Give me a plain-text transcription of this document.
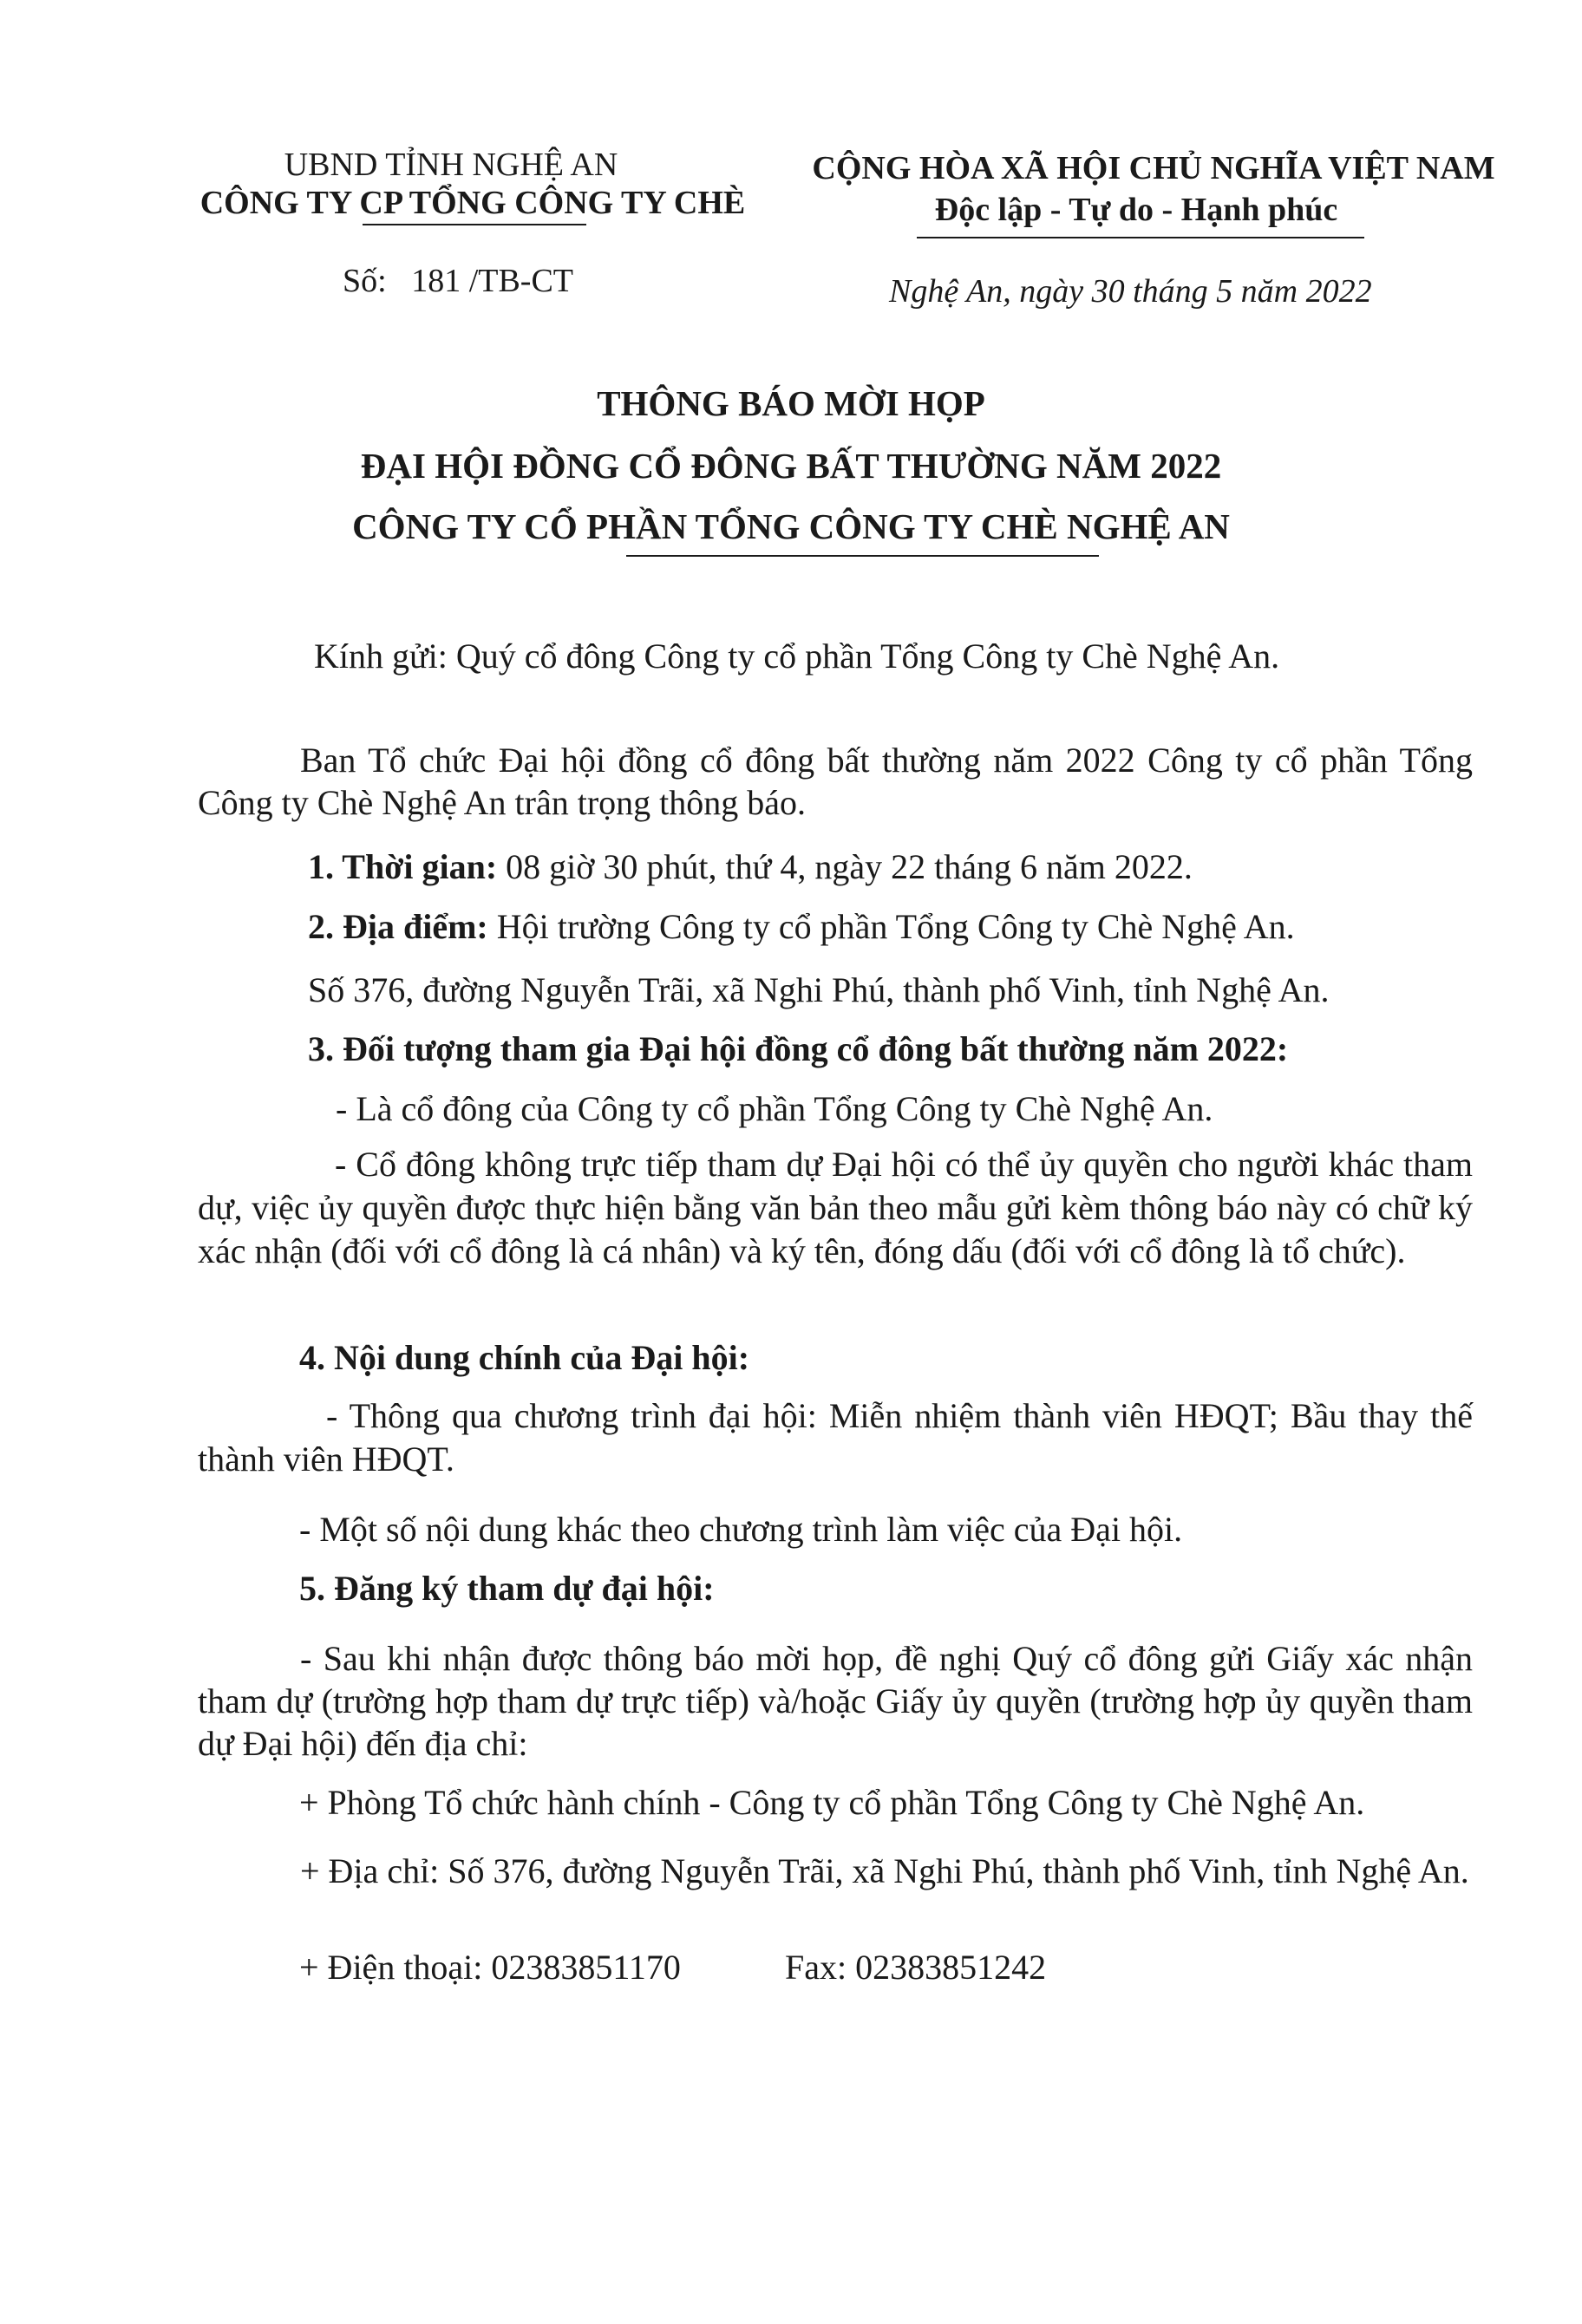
UBND TỈNH NGHỆ AN
CÔNG TY CP TỔNG CÔNG TY CHÈ
CỘNG HÒA XÃ HỘI CHỦ NGHĨA VIỆT NAM
Độc lập - Tự do - Hạnh phúc
Số:   181 /TB-CT	Nghệ An, ngày 30 tháng 5 năm 2022
THÔNG BÁO MỜI HỌP
ĐẠI HỘI ĐỒNG CỔ ĐÔNG BẤT THƯỜNG NĂM 2022
CÔNG TY CỔ PHẦN TỔNG CÔNG TY CHÈ NGHỆ AN
Kính gửi: Quý cổ đông Công ty cổ phần Tổng Công ty Chè Nghệ An.
Ban Tổ chức Đại hội đồng cổ đông bất thường năm 2022 Công ty cổ phần Tổng Công ty Chè Nghệ An trân trọng thông báo.
1. Thời gian: 08 giờ 30 phút, thứ 4, ngày 22 tháng 6 năm 2022.
2. Địa điểm: Hội trường Công ty cổ phần Tổng Công ty Chè Nghệ An.
Số 376, đường Nguyễn Trãi, xã Nghi Phú, thành phố Vinh, tỉnh Nghệ An.
3. Đối tượng tham gia Đại hội đồng cổ đông bất thường năm 2022:
- Là cổ đông của Công ty cổ phần Tổng Công ty Chè Nghệ An.
- Cổ đông không trực tiếp tham dự Đại hội có thể ủy quyền cho người khác tham dự, việc ủy quyền được thực hiện bằng văn bản theo mẫu gửi kèm thông báo này có chữ ký xác nhận (đối với cổ đông là cá nhân) và ký tên, đóng dấu (đối với cổ đông là tổ chức).
4. Nội dung chính của Đại hội:
- Thông qua chương trình đại hội: Miễn nhiệm thành viên HĐQT; Bầu thay thế thành viên HĐQT.
- Một số nội dung khác theo chương trình làm việc của Đại hội.
5. Đăng ký tham dự đại hội:
- Sau khi nhận được thông báo mời họp, đề nghị Quý cổ đông gửi Giấy xác nhận tham dự (trường hợp tham dự trực tiếp) và/hoặc Giấy ủy quyền (trường hợp ủy quyền tham dự Đại hội) đến địa chỉ:
+ Phòng Tổ chức hành chính - Công ty cổ phần Tổng Công ty Chè Nghệ An.
+ Địa chỉ: Số 376, đường Nguyễn Trãi, xã Nghi Phú, thành phố Vinh, tỉnh Nghệ An.
+ Điện thoại: 02383851170	Fax: 02383851242
